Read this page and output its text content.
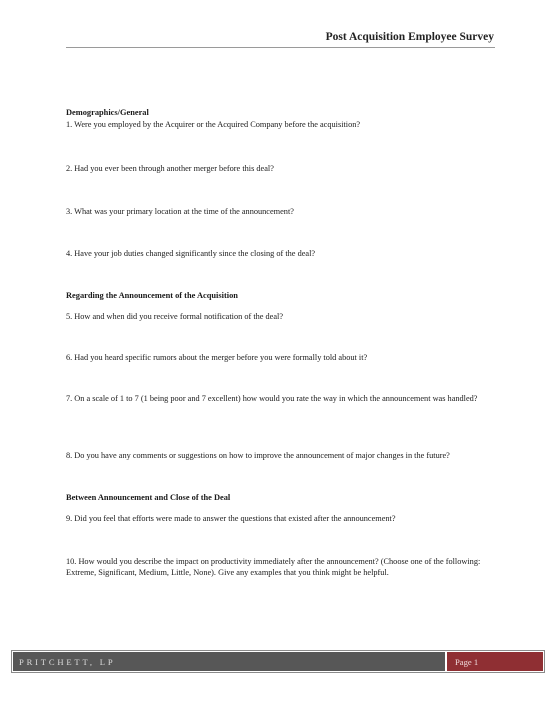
Post Acquisition Employee Survey
Demographics/General
1. Were you employed by the Acquirer or the Acquired Company before the acquisition?
2. Had you ever been through another merger before this deal?
3. What was your primary location at the time of the announcement?
4. Have your job duties changed significantly since the closing of the deal?
Regarding the Announcement of the Acquisition
5. How and when did you receive formal notification of the deal?
6. Had you heard specific rumors about the merger before you were formally told about it?
7. On a scale of 1 to 7 (1 being poor and 7 excellent) how would you rate the way in which the announcement was handled?
8. Do you have any comments or suggestions on how to improve the announcement of major changes in the future?
Between Announcement and Close of the Deal
9. Did you feel that efforts were made to answer the questions that existed after the announcement?
10. How would you describe the impact on productivity immediately after the announcement? (Choose one of the following: Extreme, Significant, Medium, Little, None). Give any examples that you think might be helpful.
PRITCHETT, LP	Page 1
